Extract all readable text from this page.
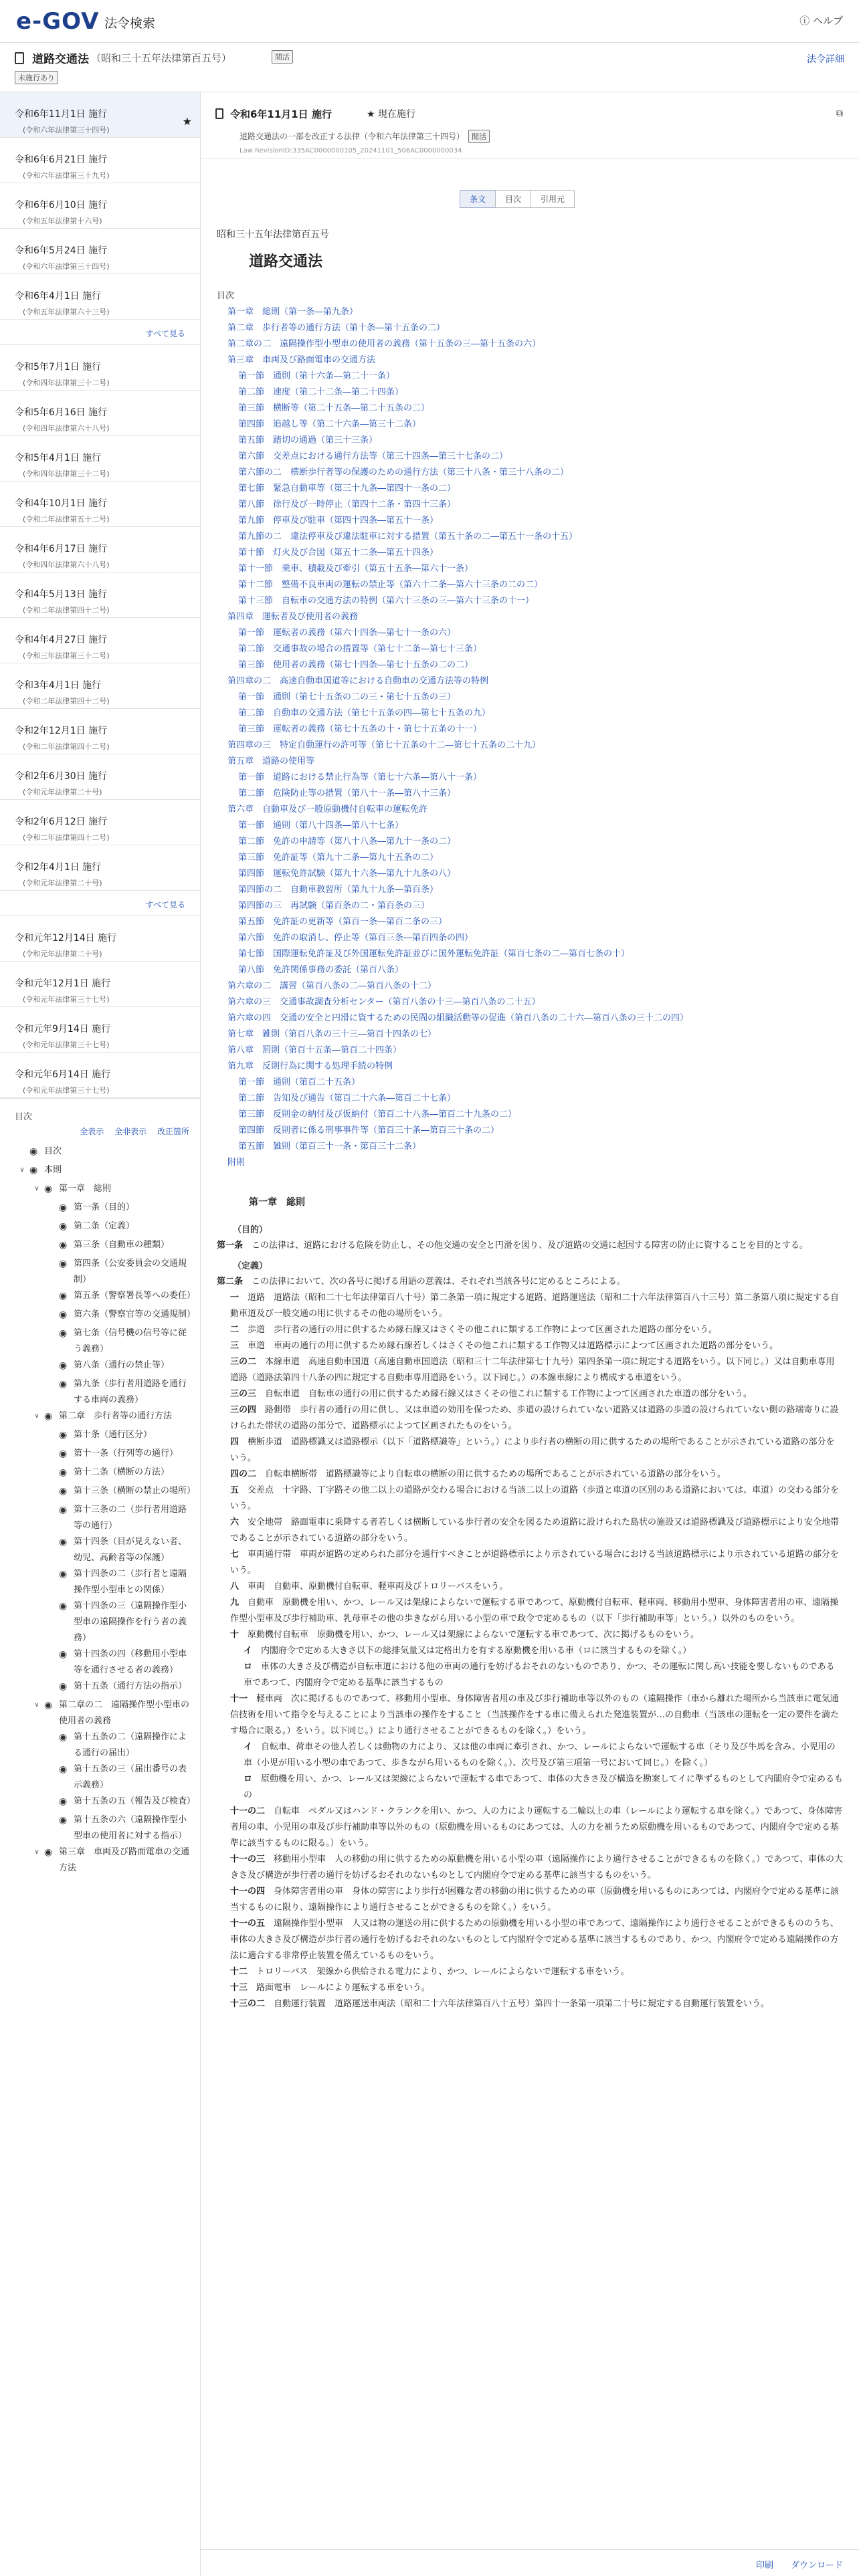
e-GOV 法令検索	ⓘ ヘルプ
道路交通法 （昭和三十五年法律第百五号）	閲活
未施行あり
法令詳細
令和6年11月1日 施行
(令和六年法律第三十四号)
★
令和6年6月21日 施行
(令和六年法律第三十九号)
令和6年6月10日 施行
(令和五年法律第十六号)
令和6年5月24日 施行
(令和六年法律第三十四号)
令和6年4月1日 施行
(令和五年法律第六十三号)
すべて見る
令和5年7月1日 施行
(令和四年法律第三十二号)
令和5年6月16日 施行
(令和四年法律第六十八号)
令和5年4月1日 施行
(令和四年法律第三十二号)
令和4年10月1日 施行
(令和二年法律第五十二号)
令和4年6月17日 施行
(令和四年法律第六十八号)
令和4年5月13日 施行
(令和二年法律第四十二号)
令和4年4月27日 施行
(令和三年法律第三十二号)
令和3年4月1日 施行
(令和二年法律第四十二号)
令和2年12月1日 施行
(令和二年法律第四十二号)
令和2年6月30日 施行
(令和元年法律第二十号)
令和2年6月12日 施行
(令和二年法律第四十二号)
令和2年4月1日 施行
(令和元年法律第二十号)
すべて見る
令和元年12月14日 施行
(令和元年法律第二十号)
令和元年12月1日 施行
(令和元年法律第三十七号)
令和元年9月14日 施行
(令和元年法律第三十七号)
令和元年6月14日 施行
(令和元年法律第三十七号)
目次
全表示 全非表示 改正箇所
◉ 目次
∨ ◉ 本則
∨ ◉ 第一章　総則
◉ 第一条（目的）
◉ 第二条（定義）
◉ 第三条（自動車の種類）
◉ 第四条（公安委員会の交通規制）
◉ 第五条（警察署長等への委任）
◉ 第六条（警察官等の交通規制）
◉ 第七条（信号機の信号等に従う義務）
◉ 第八条（通行の禁止等）
◉ 第九条（歩行者用道路を通行する車両の義務）
∨ ◉ 第二章　歩行者等の通行方法
◉ 第十条（通行区分）
◉ 第十一条（行列等の通行）
◉ 第十二条（横断の方法）
◉ 第十三条（横断の禁止の場所）
◉ 第十三条の二（歩行者用道路等の通行）
◉ 第十四条（目が見えない者、幼児、高齢者等の保護）
◉ 第十四条の二（歩行者と遠隔操作型小型車との関係）
◉ 第十四条の三（遠隔操作型小型車の遠隔操作を行う者の義務）
◉ 第十四条の四（移動用小型車等を通行させる者の義務）
◉ 第十五条（通行方法の指示）
∨ ◉ 第二章の二　遠隔操作型小型車の使用者の義務
◉ 第十五条の二（遠隔操作による通行の届出）
◉ 第十五条の三（届出番号の表示義務）
◉ 第十五条の五（報告及び検査）
◉ 第十五条の六（遠隔操作型小型車の使用者に対する指示）
∨ ◉ 第三章　車両及び路面電車の交通方法
令和6年11月1日 施行	★ 現在施行
道路交通法の一部を改正する法律（令和六年法律第三十四号） 閲活
Law RevisionID:335AC0000000105_20241101_506AC0000000034
⧉
条文	目次	引用元
昭和三十五年法律第百五号
道路交通法
目次
第一章　総則（第一条―第九条）
第二章　歩行者等の通行方法（第十条―第十五条の二）
第二章の二　遠隔操作型小型車の使用者の義務（第十五条の三―第十五条の六）
第三章　車両及び路面電車の交通方法
第一節　通則（第十六条―第二十一条）
第二節　速度（第二十二条―第二十四条）
第三節　横断等（第二十五条―第二十五条の二）
第四節　追越し等（第二十六条―第三十二条）
第五節　踏切の通過（第三十三条）
第六節　交差点における通行方法等（第三十四条―第三十七条の二）
第六節の二　横断歩行者等の保護のための通行方法（第三十八条・第三十八条の二）
第七節　緊急自動車等（第三十九条―第四十一条の二）
第八節　徐行及び一時停止（第四十二条・第四十三条）
第九節　停車及び駐車（第四十四条―第五十一条）
第九節の二　違法停車及び違法駐車に対する措置（第五十条の二―第五十一条の十五）
第十節　灯火及び合図（第五十二条―第五十四条）
第十一節　乗車、積載及び牽引（第五十五条―第六十一条）
第十二節　整備不良車両の運転の禁止等（第六十二条―第六十三条の二の二）
第十三節　自転車の交通方法の特例（第六十三条の三―第六十三条の十一）
第四章　運転者及び使用者の義務
第一節　運転者の義務（第六十四条―第七十一条の六）
第二節　交通事故の場合の措置等（第七十二条―第七十三条）
第三節　使用者の義務（第七十四条―第七十五条の二の二）
第四章の二　高速自動車国道等における自動車の交通方法等の特例
第一節　通則（第七十五条の二の三・第七十五条の三）
第二節　自動車の交通方法（第七十五条の四―第七十五条の九）
第三節　運転者の義務（第七十五条の十・第七十五条の十一）
第四章の三　特定自動運行の許可等（第七十五条の十二―第七十五条の二十九）
第五章　道路の使用等
第一節　道路における禁止行為等（第七十六条―第八十一条）
第二節　危険防止等の措置（第八十一条―第八十三条）
第六章　自動車及び一般原動機付自転車の運転免許
第一節　通則（第八十四条―第八十七条）
第二節　免許の申請等（第八十八条―第九十一条の二）
第三節　免許証等（第九十二条―第九十五条の二）
第四節　運転免許試験（第九十六条―第九十九条の八）
第四節の二　自動車教習所（第九十九条―第百条）
第四節の三　再試験（第百条の二・第百条の三）
第五節　免許証の更新等（第百一条―第百二条の三）
第六節　免許の取消し、停止等（第百三条―第百四条の四）
第七節　国際運転免許証及び外国運転免許証並びに国外運転免許証（第百七条の二―第百七条の十）
第八節　免許関係事務の委託（第百八条）
第六章の二　講習（第百八条の二―第百八条の十二）
第六章の三　交通事故調査分析センター（第百八条の十三―第百八条の二十五）
第六章の四　交通の安全と円滑に資するための民間の組織活動等の促進（第百八条の二十六―第百八条の三十二の四）
第七章　雑則（第百八条の三十三―第百十四条の七）
第八章　罰則（第百十五条―第百二十四条）
第九章　反則行為に関する処理手続の特例
第一節　通則（第百二十五条）
第二節　告知及び通告（第百二十六条―第百二十七条）
第三節　反則金の納付及び仮納付（第百二十八条―第百二十九条の二）
第四節　反則者に係る刑事事件等（第百三十条―第百三十条の二）
第五節　雑則（第百三十一条・第百三十二条）
附則
第一章　総則
（目的）
第一条　 この法律は、道路における危険を防止し、その他交通の安全と円滑を図り、及び道路の交通に起因する障害の防止に資することを目的とする。
（定義）
第二条　 この法律において、次の各号に掲げる用語の意義は、それぞれ当該各号に定めるところによる。
一　 道路　道路法（昭和二十七年法律第百八十号）第二条第一項に規定する道路、道路運送法（昭和二十六年法律第百八十三号）第二条第八項に規定する自動車道及び一般交通の用に供するその他の場所をいう。
二　 歩道　歩行者の通行の用に供するため縁石線又はさくその他これに類する工作物によつて区画された道路の部分をいう。
三　 車道　車両の通行の用に供するため縁石線若しくはさくその他これに類する工作物又は道路標示によつて区画された道路の部分をいう。
三の二　 本線車道　高速自動車国道（高速自動車国道法（昭和三十二年法律第七十九号）第四条第一項に規定する道路をいう。以下同じ。）又は自動車専用道路（道路法第四十八条の四に規定する自動車専用道路をいう。以下同じ。）の本線車線により構成する車道をいう。
三の三　 自転車道　自転車の通行の用に供するため縁石線又はさくその他これに類する工作物によつて区画された車道の部分をいう。
三の四　 路側帯　歩行者の通行の用に供し、又は車道の効用を保つため、歩道の設けられていない道路又は道路の歩道の設けられていない側の路端寄りに設けられた帯状の道路の部分で、道路標示によつて区画されたものをいう。
四　 横断歩道　道路標識又は道路標示（以下「道路標識等」という。）により歩行者の横断の用に供するための場所であることが示されている道路の部分をいう。
四の二　 自転車横断帯　道路標識等により自転車の横断の用に供するための場所であることが示されている道路の部分をいう。
五　 交差点　十字路、丁字路その他二以上の道路が交わる場合における当該二以上の道路（歩道と車道の区別のある道路においては、車道）の交わる部分をいう。
六　 安全地帯　路面電車に乗降する者若しくは横断している歩行者の安全を図るため道路に設けられた島状の施設又は道路標識及び道路標示により安全地帯であることが示されている道路の部分をいう。
七　 車両通行帯　車両が道路の定められた部分を通行すべきことが道路標示により示されている場合における当該道路標示により示されている道路の部分をいう。
八　 車両　自動車、原動機付自転車、軽車両及びトロリーバスをいう。
九　 自動車　原動機を用い、かつ、レール又は架線によらないで運転する車であつて、原動機付自転車、軽車両、移動用小型車、身体障害者用の車、遠隔操作型小型車及び歩行補助車、乳母車その他の歩きながら用いる小型の車で政令で定めるもの（以下「歩行補助車等」という。）以外のものをいう。
十　 原動機付自転車　原動機を用い、かつ、レール又は架線によらないで運転する車であつて、次に掲げるものをいう。
イ　 内閣府令で定める大きさ以下の総排気量又は定格出力を有する原動機を用いる車（ロに該当するものを除く。）
ロ　 車体の大きさ及び構造が自転車道における他の車両の通行を妨げるおそれのないものであり、かつ、その運転に関し高い技能を要しないものである車であつて、内閣府令で定める基準に該当するもの
十一　 軽車両　次に掲げるものであつて、移動用小型車、身体障害者用の車及び歩行補助車等以外のもの（遠隔操作（車から離れた場所から当該車に電気通信技術を用いて指令を与えることにより当該車の操作をすること（当該操作をする車に備えられた発進装置が…の自動車（当該車の運転を一定の要件を満たす場合に限る。）をいう。以下同じ。）により通行させることができるものを除く。）をいう。
イ　 自転車、荷車その他人若しくは動物の力により、又は他の車両に牽引され、かつ、レールによらないで運転する車（そり及び牛馬を含み、小児用の車（小児が用いる小型の車であつて、歩きながら用いるものを除く。）、次号及び第三項第一号において同じ。）を除く。）
ロ　 原動機を用い、かつ、レール又は架線によらないで運転する車であつて、車体の大きさ及び構造を勘案してイに準ずるものとして内閣府令で定めるもの
十一の二　 自転車　ペダル又はハンド・クランクを用い、かつ、人の力により運転する二輪以上の車（レールにより運転する車を除く。）であつて、身体障害者用の車、小児用の車及び歩行補助車等以外のもの（原動機を用いるものにあつては、人の力を補うため原動機を用いるものであつて、内閣府令で定める基準に該当するものに限る。）をいう。
十一の三　 移動用小型車　人の移動の用に供するための原動機を用いる小型の車（遠隔操作により通行させることができるものを除く。）であつて、車体の大きさ及び構造が歩行者の通行を妨げるおそれのないものとして内閣府令で定める基準に該当するものをいう。
十一の四　 身体障害者用の車　身体の障害により歩行が困難な者の移動の用に供するための車（原動機を用いるものにあつては、内閣府令で定める基準に該当するものに限り、遠隔操作により通行させることができるものを除く。）をいう。
十一の五　 遠隔操作型小型車　人又は物の運送の用に供するための原動機を用いる小型の車であつて、遠隔操作により通行させることができるもののうち、車体の大きさ及び構造が歩行者の通行を妨げるおそれのないものとして内閣府令で定める基準に該当するものであり、かつ、内閣府令で定める遠隔操作の方法に適合する非常停止装置を備えているものをいう。
十二　 トロリーバス　架線から供給される電力により、かつ、レールによらないで運転する車をいう。
十三　 路面電車　レールにより運転する車をいう。
十三の二　 自動運行装置　道路運送車両法（昭和二十六年法律第百八十五号）第四十一条第一項第二十号に規定する自動運行装置をいう。
印刷 ダウンロード
